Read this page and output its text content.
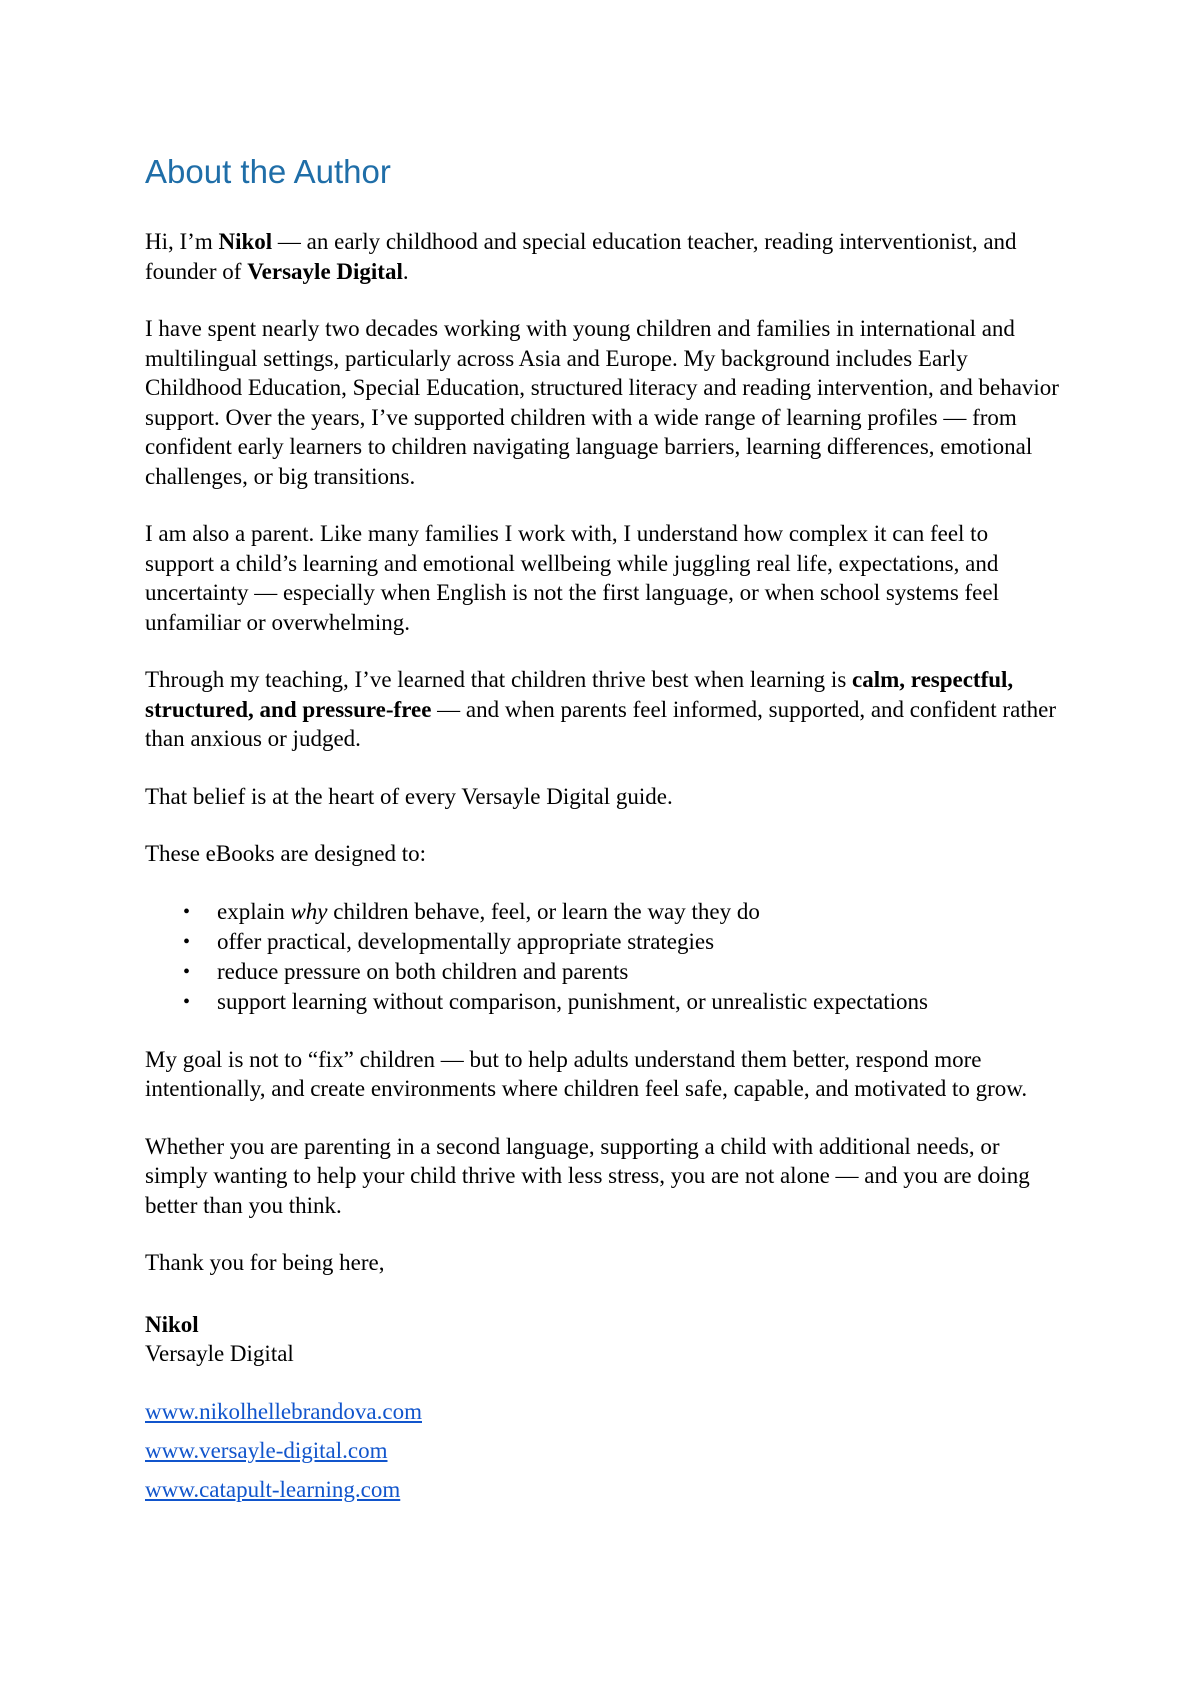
About the Author

Hi, I’m Nikol — an early childhood and special education teacher, reading interventionist, and founder of Versayle Digital.

I have spent nearly two decades working with young children and families in international and multilingual settings, particularly across Asia and Europe. My background includes Early Childhood Education, Special Education, structured literacy and reading intervention, and behavior support. Over the years, I’ve supported children with a wide range of learning profiles — from confident early learners to children navigating language barriers, learning differences, emotional challenges, or big transitions.

I am also a parent. Like many families I work with, I understand how complex it can feel to support a child’s learning and emotional wellbeing while juggling real life, expectations, and uncertainty — especially when English is not the first language, or when school systems feel unfamiliar or overwhelming.

Through my teaching, I’ve learned that children thrive best when learning is calm, respectful, structured, and pressure-free — and when parents feel informed, supported, and confident rather than anxious or judged.

That belief is at the heart of every Versayle Digital guide.

These eBooks are designed to:

• explain why children behave, feel, or learn the way they do
• offer practical, developmentally appropriate strategies
• reduce pressure on both children and parents
• support learning without comparison, punishment, or unrealistic expectations

My goal is not to “fix” children — but to help adults understand them better, respond more intentionally, and create environments where children feel safe, capable, and motivated to grow.

Whether you are parenting in a second language, supporting a child with additional needs, or simply wanting to help your child thrive with less stress, you are not alone — and you are doing better than you think.

Thank you for being here,

Nikol
Versayle Digital
www.nikolhellebrandova.com
www.versayle-digital.com
www.catapult-learning.com
